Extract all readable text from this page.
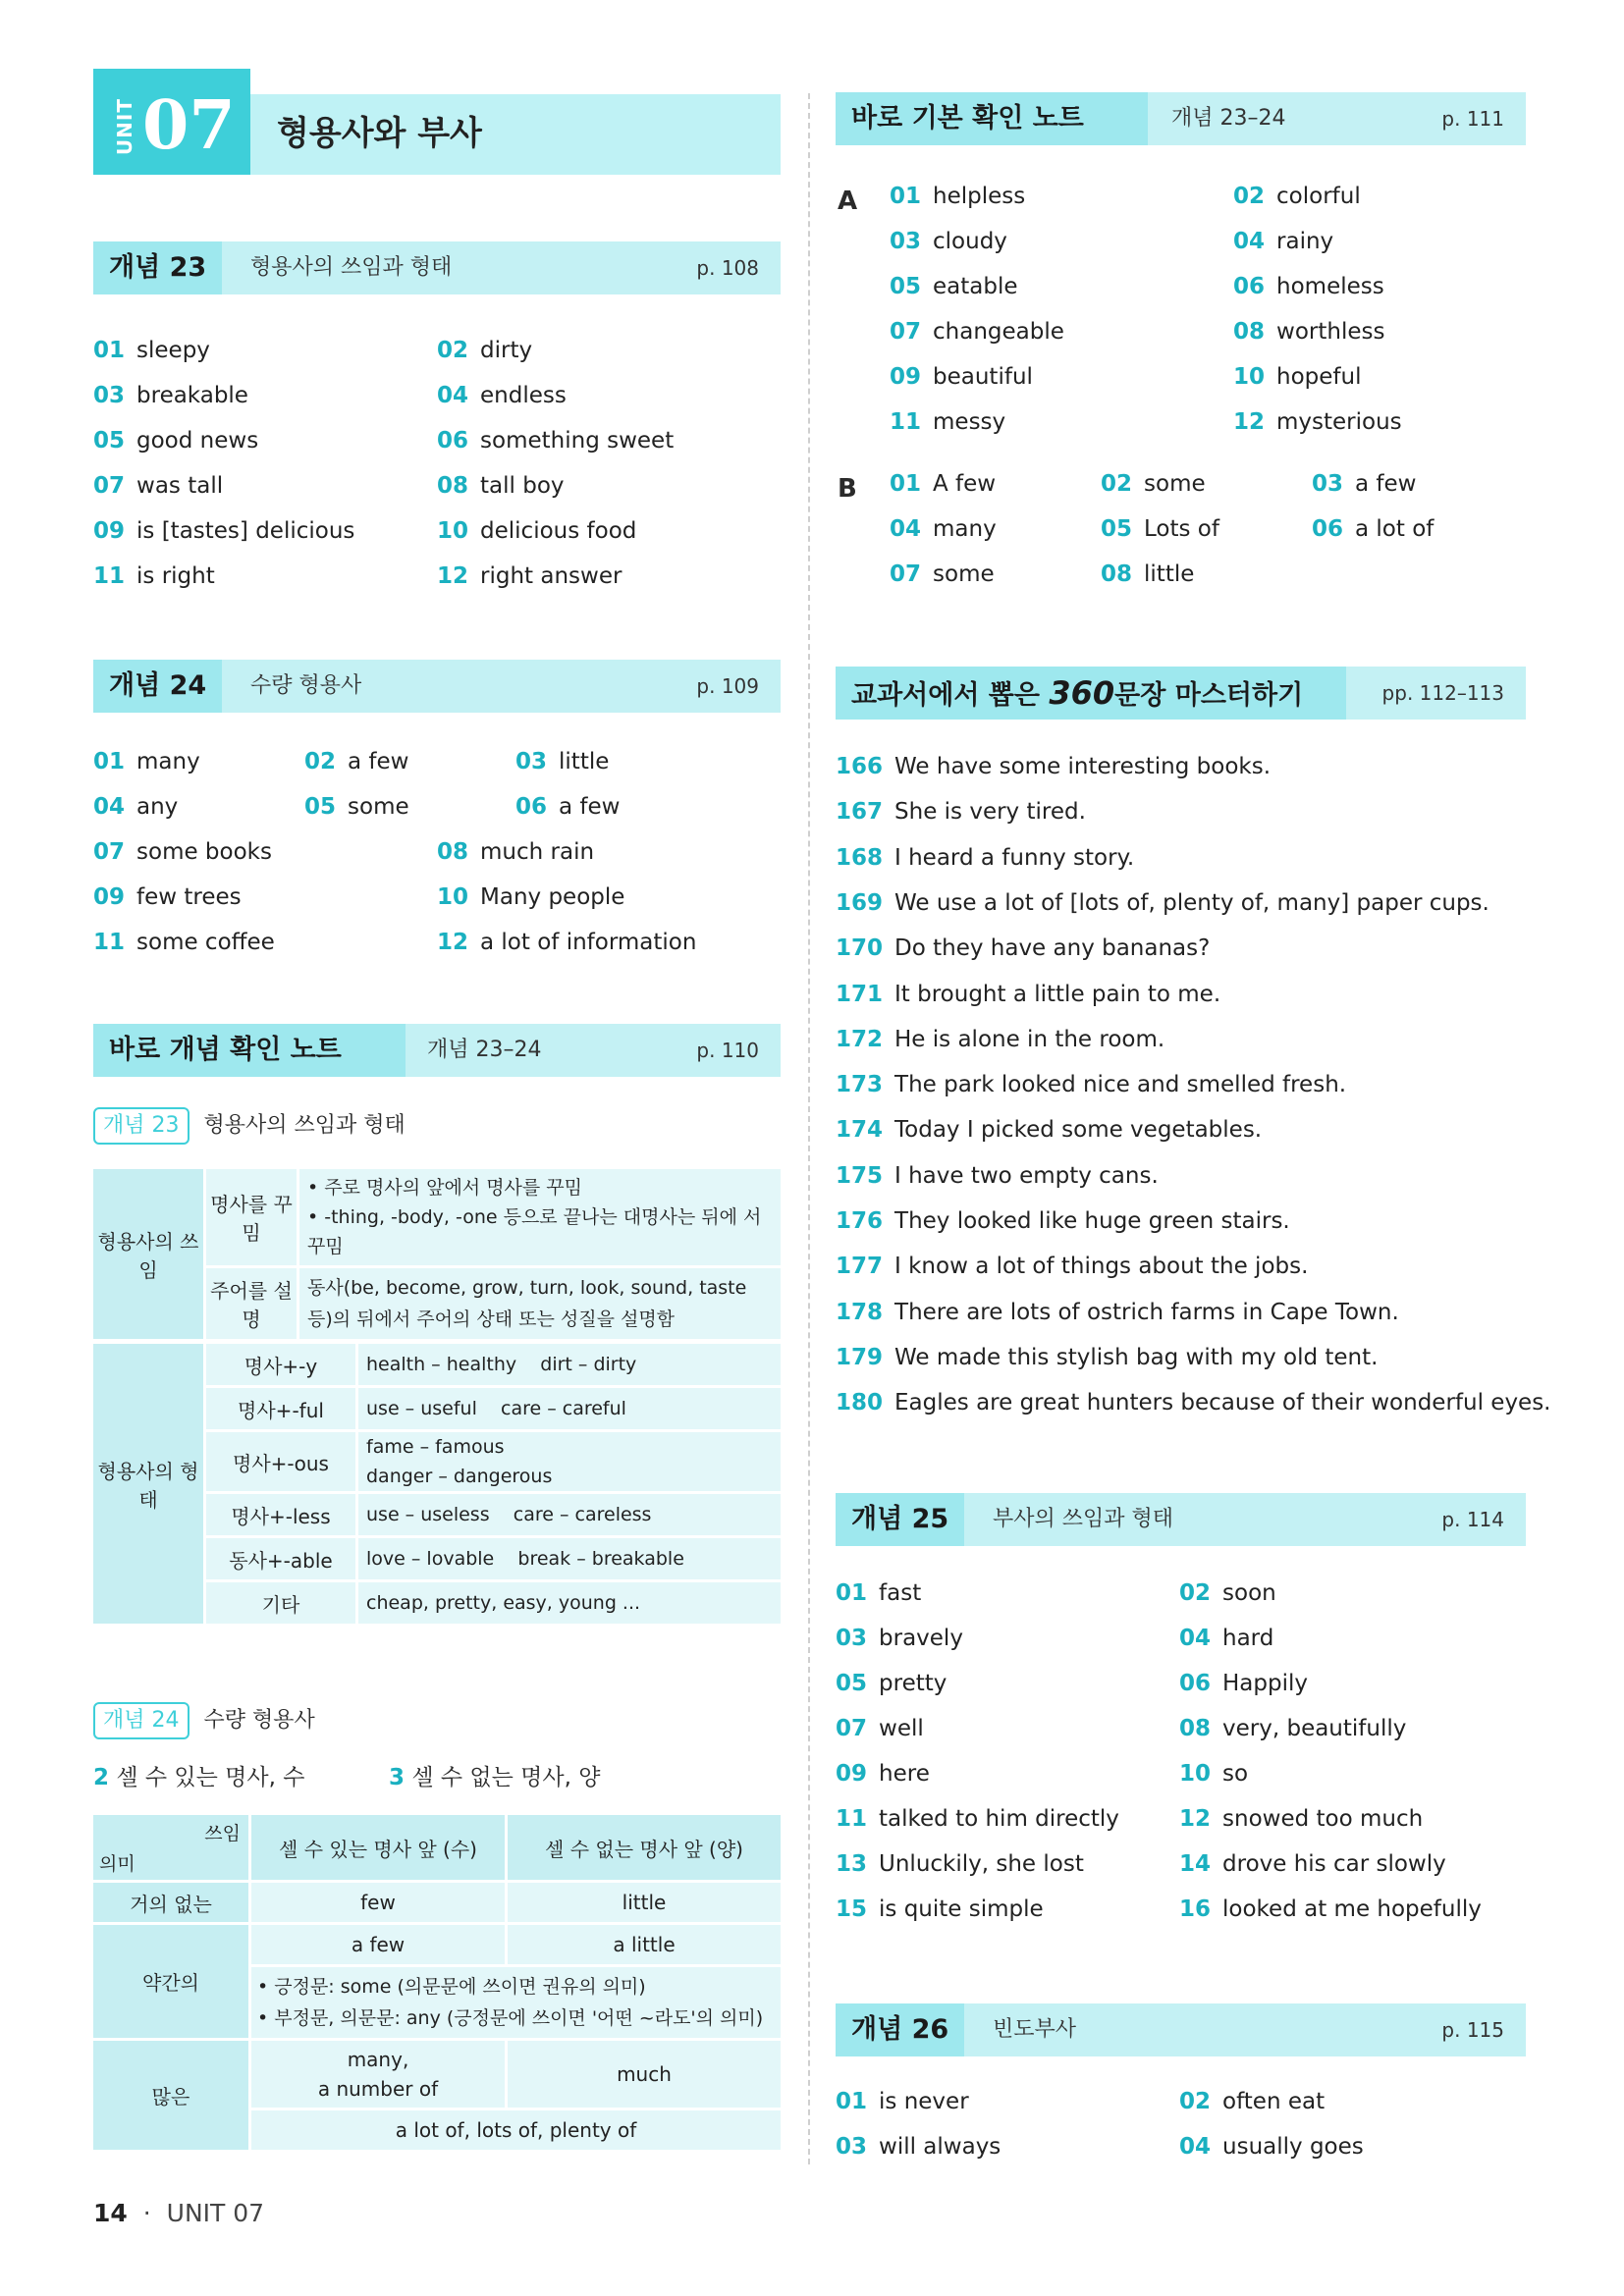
UNIT 07 형용사와 부사
개념 23	형용사의 쓰임과 형태	p. 108
01 sleepy	02 dirty
03 breakable	04 endless
05 good news	06 something sweet
07 was tall	08 tall boy
09 is [tastes] delicious	10 delicious food
11 is right	12 right answer
개념 24	수량 형용사	p. 109
01 many	02 a few	03 little
04 any	05 some	06 a few
07 some books	08 much rain
09 few trees	10 Many people
11 some coffee	12 a lot of information
바로 개념 확인 노트	개념 23–24	p. 110
개념 23 형용사의 쓰임과 형태
형용사의 쓰임	명사를 꾸밈	• 주로 명사의 앞에서 명사를 꾸밈
• -thing, -body, -one 등으로 끝나는 대명사는 뒤에 서 꾸밈

	주어를 설명	동사(be, become, grow, turn, look, sound, taste 등)의 뒤에서 주어의 상태 또는 성질을 설명함
형용사의 형태	명사+-y	health – healthy    dirt – dirty
	명사+-ful	use – useful    care – careful
	명사+-ous	fame – famous
danger – dangerous
	명사+-less	use – useless    care – careless
	동사+-able	love – lovable    break – breakable
	기타	cheap, pretty, easy, young ...
개념 24 수량 형용사
2 셀 수 있는 명사, 수	3 셀 수 없는 명사, 양
쓰임
의미	셀 수 있는 명사 앞 (수)	셀 수 없는 명사 앞 (양)
거의 없는	few	little
약간의	a few	a little

	• 긍정문: some (의문문에 쓰이면 권유의 의미)
• 부정문, 의문문: any (긍정문에 쓰이면 '어떤 ~라도'의 의미)	

많은	many,
a number of	much
	a lot of, lots of, plenty of	
바로 기본 확인 노트	개념 23–24	p. 111
A 01 helpless	02 colorful
03 cloudy	04 rainy
05 eatable	06 homeless
07 changeable	08 worthless
09 beautiful	10 hopeful
11 messy	12 mysterious
B 01 A few	02 some	03 a few
04 many	05 Lots of	06 a lot of
07 some	08 little
교과서에서 뽑은 360문장 마스터하기	pp. 112–113
166 We have some interesting books.
167 She is very tired.
168 I heard a funny story.
169 We use a lot of [lots of, plenty of, many] paper cups.
170 Do they have any bananas?
171 It brought a little pain to me.
172 He is alone in the room.
173 The park looked nice and smelled fresh.
174 Today I picked some vegetables.
175 I have two empty cans.
176 They looked like huge green stairs.
177 I know a lot of things about the jobs.
178 There are lots of ostrich farms in Cape Town.
179 We made this stylish bag with my old tent.
180 Eagles are great hunters because of their wonderful eyes.
개념 25	부사의 쓰임과 형태	p. 114
01 fast	02 soon
03 bravely	04 hard
05 pretty	06 Happily
07 well	08 very, beautifully
09 here	10 so
11 talked to him directly	12 snowed too much
13 Unluckily, she lost	14 drove his car slowly
15 is quite simple	16 looked at me hopefully
개념 26	빈도부사	p. 115
01 is never	02 often eat
03 will always	04 usually goes
14 · UNIT 07
